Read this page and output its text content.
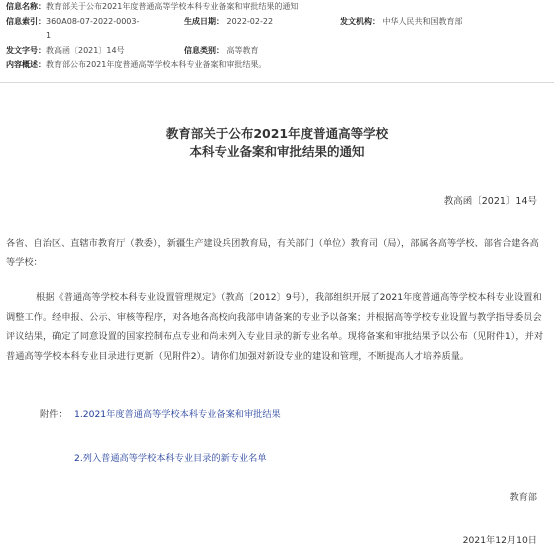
信息名称： 教育部关于公布2021年度普通高等学校本科专业备案和审批结果的通知
信息索引： 360A08-07-2022-0003-1
生成日期： 2022-02-22	发文机构： 中华人民共和国教育部
发文字号： 教高函〔2021〕14号	信息类别： 高等教育
内容概述： 教育部公布2021年度普通高等学校本科专业备案和审批结果。
教育部关于公布2021年度普通高等学校
本科专业备案和审批结果的通知
教高函〔2021〕14号
各省、自治区、直辖市教育厅（教委），新疆生产建设兵团教育局，有关部门（单位）教育司（局），部属各高等学校、部省合建各高等学校：
根据《普通高等学校本科专业设置管理规定》（教高〔2012〕9号），我部组织开展了2021年度普通高等学校本科专业设置和调整工作。经申报、公示、审核等程序，对各地各高校向我部申请备案的专业予以备案；并根据高等学校专业设置与教学指导委员会评议结果，确定了同意设置的国家控制布点专业和尚未列入专业目录的新专业名单。现将备案和审批结果予以公布（见附件1），并对普通高等学校本科专业目录进行更新（见附件2）。请你们加强对新设专业的建设和管理，不断提高人才培养质量。
附件： 1.2021年度普通高等学校本科专业备案和审批结果
2.列入普通高等学校本科专业目录的新专业名单
教育部
2021年12月10日
